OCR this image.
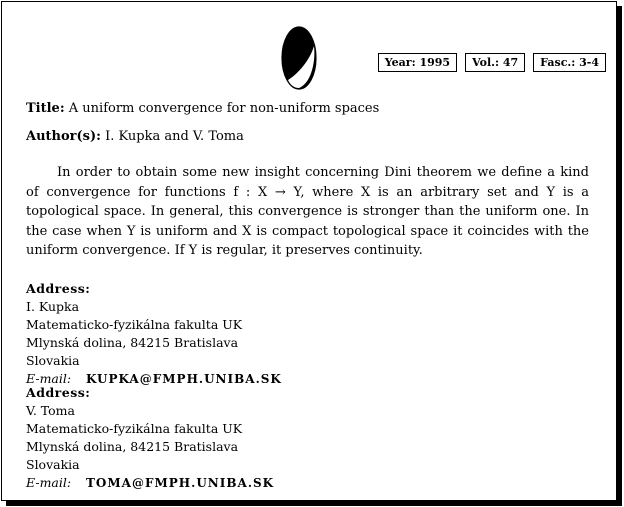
Year: 1995	Vol.: 47	Fasc.: 3-4
Title: A uniform convergence for non-uniform spaces
Author(s): I. Kupka and V. Toma

In order to obtain some new insight concerning Dini theorem we define a kind of convergence for functions f : X → Y, where X is an arbitrary set and Y is a topological space. In general, this convergence is stronger than the uniform one. In the case when Y is uniform and X is compact topological space it coincides with the uniform convergence. If Y is regular, it preserves continuity.

Address:
I. Kupka
Matematicko-fyzikálna fakulta UK
Mlynská dolina, 84215 Bratislava
Slovakia
E-mail: KUPKA@FMPH.UNIBA.SK
Address:
V. Toma
Matematicko-fyzikálna fakulta UK
Mlynská dolina, 84215 Bratislava
Slovakia
E-mail: TOMA@FMPH.UNIBA.SK
